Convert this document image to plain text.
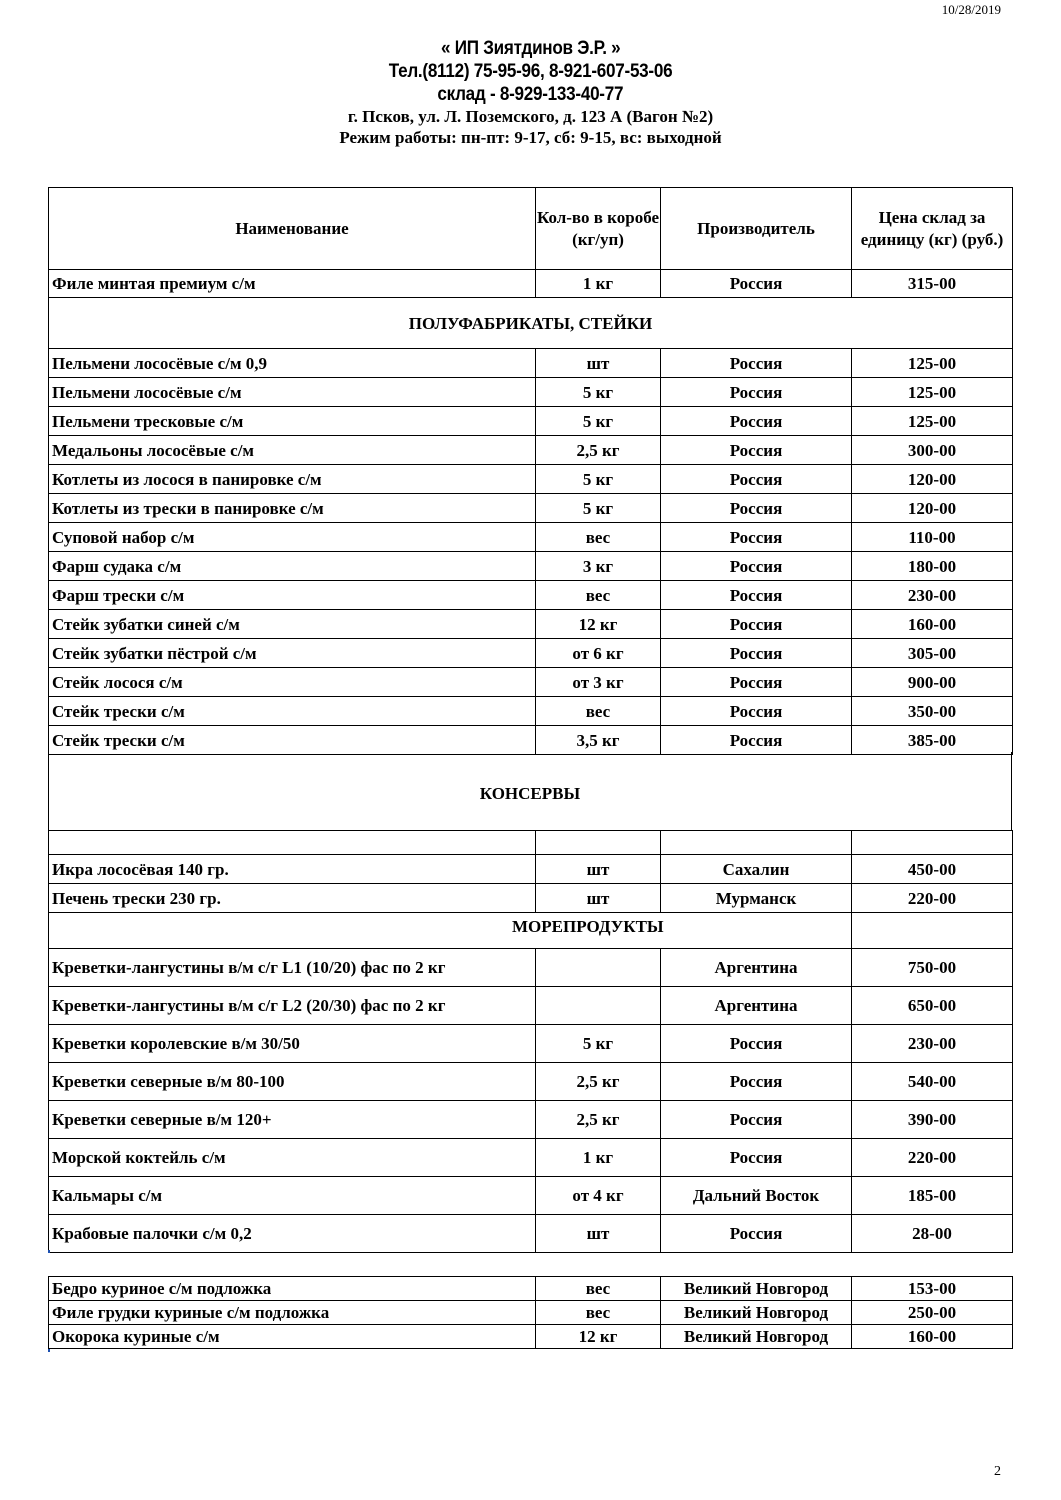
10/28/2019
« ИП Зиятдинов Э.Р. »
Тел.(8112) 75-95-96, 8-921-607-53-06
склад - 8-929-133-40-77
г. Псков, ул. Л. Поземского, д. 123 А (Вагон №2)
Режим работы: пн-пт: 9-17, сб: 9-15, вс: выходной
Наименование	Кол-во в коробе (кг/уп)	Производитель	Цена склад за единицу (кг) (руб.)
Филе минтая премиум с/м	1 кг	Россия	315-00
ПОЛУФАБРИКАТЫ, СТЕЙКИ			
Пельмени лососёвые с/м 0,9	шт	Россия	125-00
Пельмени лососёвые с/м	5 кг	Россия	125-00
Пельмени тресковые с/м	5 кг	Россия	125-00
Медальоны лососёвые с/м	2,5 кг	Россия	300-00
Котлеты из лосося в панировке с/м	5 кг	Россия	120-00
Котлеты из трески в панировке с/м	5 кг	Россия	120-00
Суповой набор с/м	вес	Россия	110-00
Фарш судака с/м	3 кг	Россия	180-00
Фарш трески с/м	вес	Россия	230-00
Стейк зубатки синей с/м	12 кг	Россия	160-00
Стейк зубатки пёстрой с/м	от 6 кг	Россия	305-00
Стейк лосося с/м	от 3 кг	Россия	900-00
Стейк трески с/м	вес	Россия	350-00
Стейк трески с/м	3,5 кг	Россия	385-00
КОНСЕРВЫ

Икра лососёвая 140 гр.	шт	Сахалин	450-00
Печень трески 230 гр.	шт	Мурманск	220-00

МОРЕПРОДУКТЫ			

Креветки-лангустины в/м с/г L1 (10/20) фас по 2 кг		Аргентина	750-00
Креветки-лангустины в/м с/г L2 (20/30) фас по 2 кг		Аргентина	650-00
Креветки королевские в/м 30/50	5 кг	Россия	230-00
Креветки северные в/м 80-100	2,5 кг	Россия	540-00
Креветки северные в/м 120+	2,5 кг	Россия	390-00
Морской коктейль с/м	1 кг	Россия	220-00
Кальмары с/м	от 4 кг	Дальний Восток	185-00
Крабовые палочки с/м 0,2	шт	Россия	28-00
Бедро куриное с/м подложка	вес	Великий Новгород	153-00
Филе грудки куриные с/м подложка	вес	Великий Новгород	250-00
Окорока куриные с/м	12 кг	Великий Новгород	160-00
2
